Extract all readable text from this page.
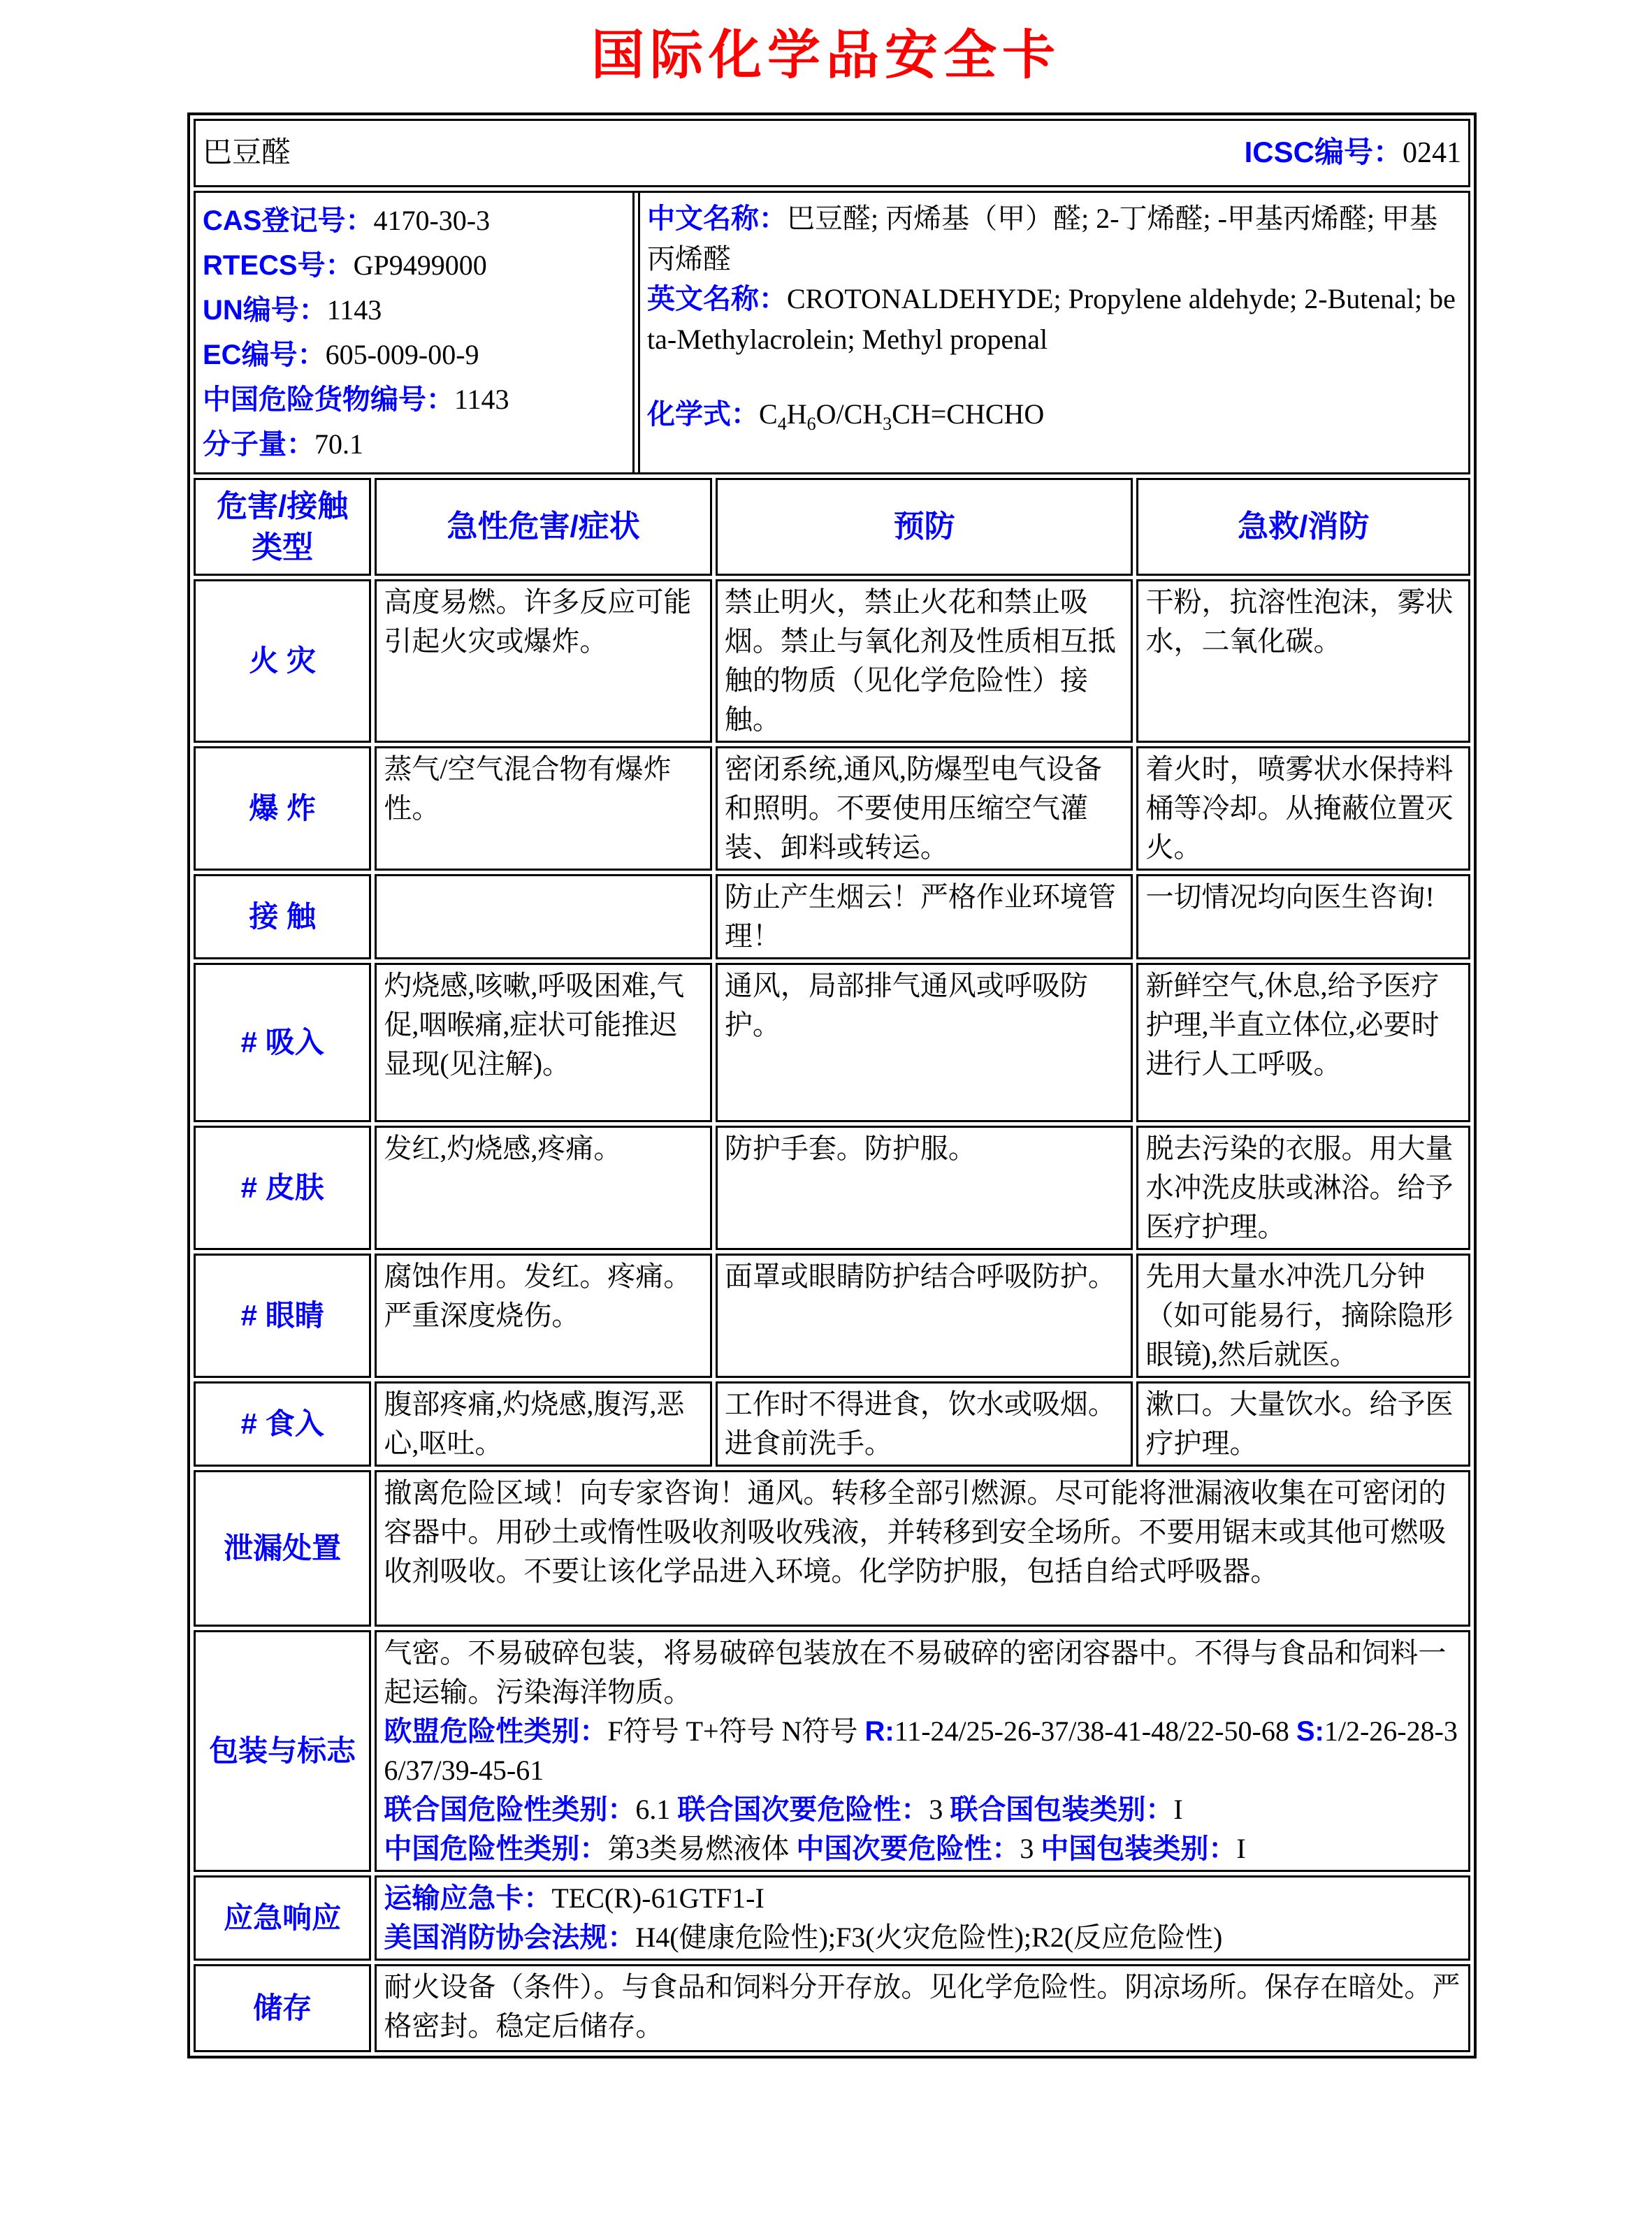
国际化学品安全卡
巴豆醛 ICSC编号：0241			

CAS登记号：4170-30-3
RTECS号：GP9499000
UN编号：1143
EC编号：605-009-00-9
中国危险货物编号：1143
分子量：70.1
中文名称：巴豆醛; 丙烯基（甲）醛; 2-丁烯醛; -甲基丙烯醛; 甲基丙烯醛
英文名称：CROTONALDEHYDE; Propylene aldehyde; 2-Butenal; beta-Methylacrolein; Methyl propenal
化学式：$C_4H_6O/CH_3CH=CHCHO$

危害/接触 类型	急性危害/症状	预防	急救/消防
火 灾	高度易燃。许多反应可能引起火灾或爆炸。	禁止明火，禁止火花和禁止吸烟。禁止与氧化剂及性质相互抵触的物质（见化学危险性）接触。	干粉，抗溶性泡沫，雾状水，二氧化碳。
爆 炸	蒸气/空气混合物有爆炸性。	密闭系统,通风,防爆型电气设备和照明。不要使用压缩空气灌装、卸料或转运。	着火时，喷雾状水保持料桶等冷却。从掩蔽位置灭火。
接 触		防止产生烟云！严格作业环境管理！	一切情况均向医生咨询!
# 吸入	灼烧感,咳嗽,呼吸困难,气促,咽喉痛,症状可能推迟显现(见注解)。	通风，局部排气通风或呼吸防护。	新鲜空气,休息,给予医疗护理,半直立体位,必要时进行人工呼吸。
# 皮肤	发红,灼烧感,疼痛。	防护手套。防护服。	脱去污染的衣服。用大量水冲洗皮肤或淋浴。给予医疗护理。
# 眼睛	腐蚀作用。发红。疼痛。严重深度烧伤。	面罩或眼睛防护结合呼吸防护。	先用大量水冲洗几分钟（如可能易行，摘除隐形眼镜),然后就医。
# 食入	腹部疼痛,灼烧感,腹泻,恶心,呕吐。	工作时不得进食，饮水或吸烟。进食前洗手。	漱口。大量饮水。给予医疗护理。
泄漏处置	撤离危险区域！向专家咨询！通风。转移全部引燃源。尽可能将泄漏液收集在可密闭的容器中。用砂土或惰性吸收剂吸收残液，并转移到安全场所。不要用锯末或其他可燃吸收剂吸收。不要让该化学品进入环境。化学防护服，包括自给式呼吸器。		
包装与标志	气密。不易破碎包装，将易破碎包装放在不易破碎的密闭容器中。不得与食品和饲料一起运输。污染海洋物质。
欧盟危险性类别：F符号 T+符号 N符号 R:11-24/25-26-37/38-41-48/22-50-68 S:1/2-26-28-36/37/39-45-61
联合国危险性类别：6.1 联合国次要危险性：3 联合国包装类别：I
中国危险性类别：第3类易燃液体 中国次要危险性：3 中国包装类别：I		
应急响应	运输应急卡：TEC(R)-61GTF1-I
美国消防协会法规：H4(健康危险性);F3(火灾危险性);R2(反应危险性)		
储存	耐火设备（条件）。与食品和饲料分开存放。见化学危险性。阴凉场所。保存在暗处。严格密封。稳定后储存。		
